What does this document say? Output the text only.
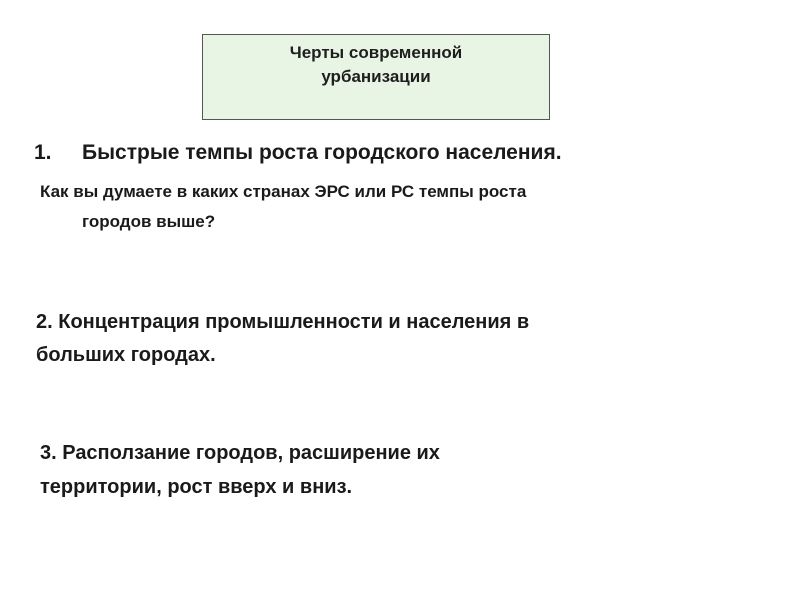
Черты современной
урбанизации
1. Быстрые темпы роста городского населения.
Как вы думаете в каких странах ЭРС или РС темпы роста
городов выше?
2. Концентрация промышленности и населения в
больших городах.
3. Расползание городов, расширение их
территории, рост вверх и вниз.
